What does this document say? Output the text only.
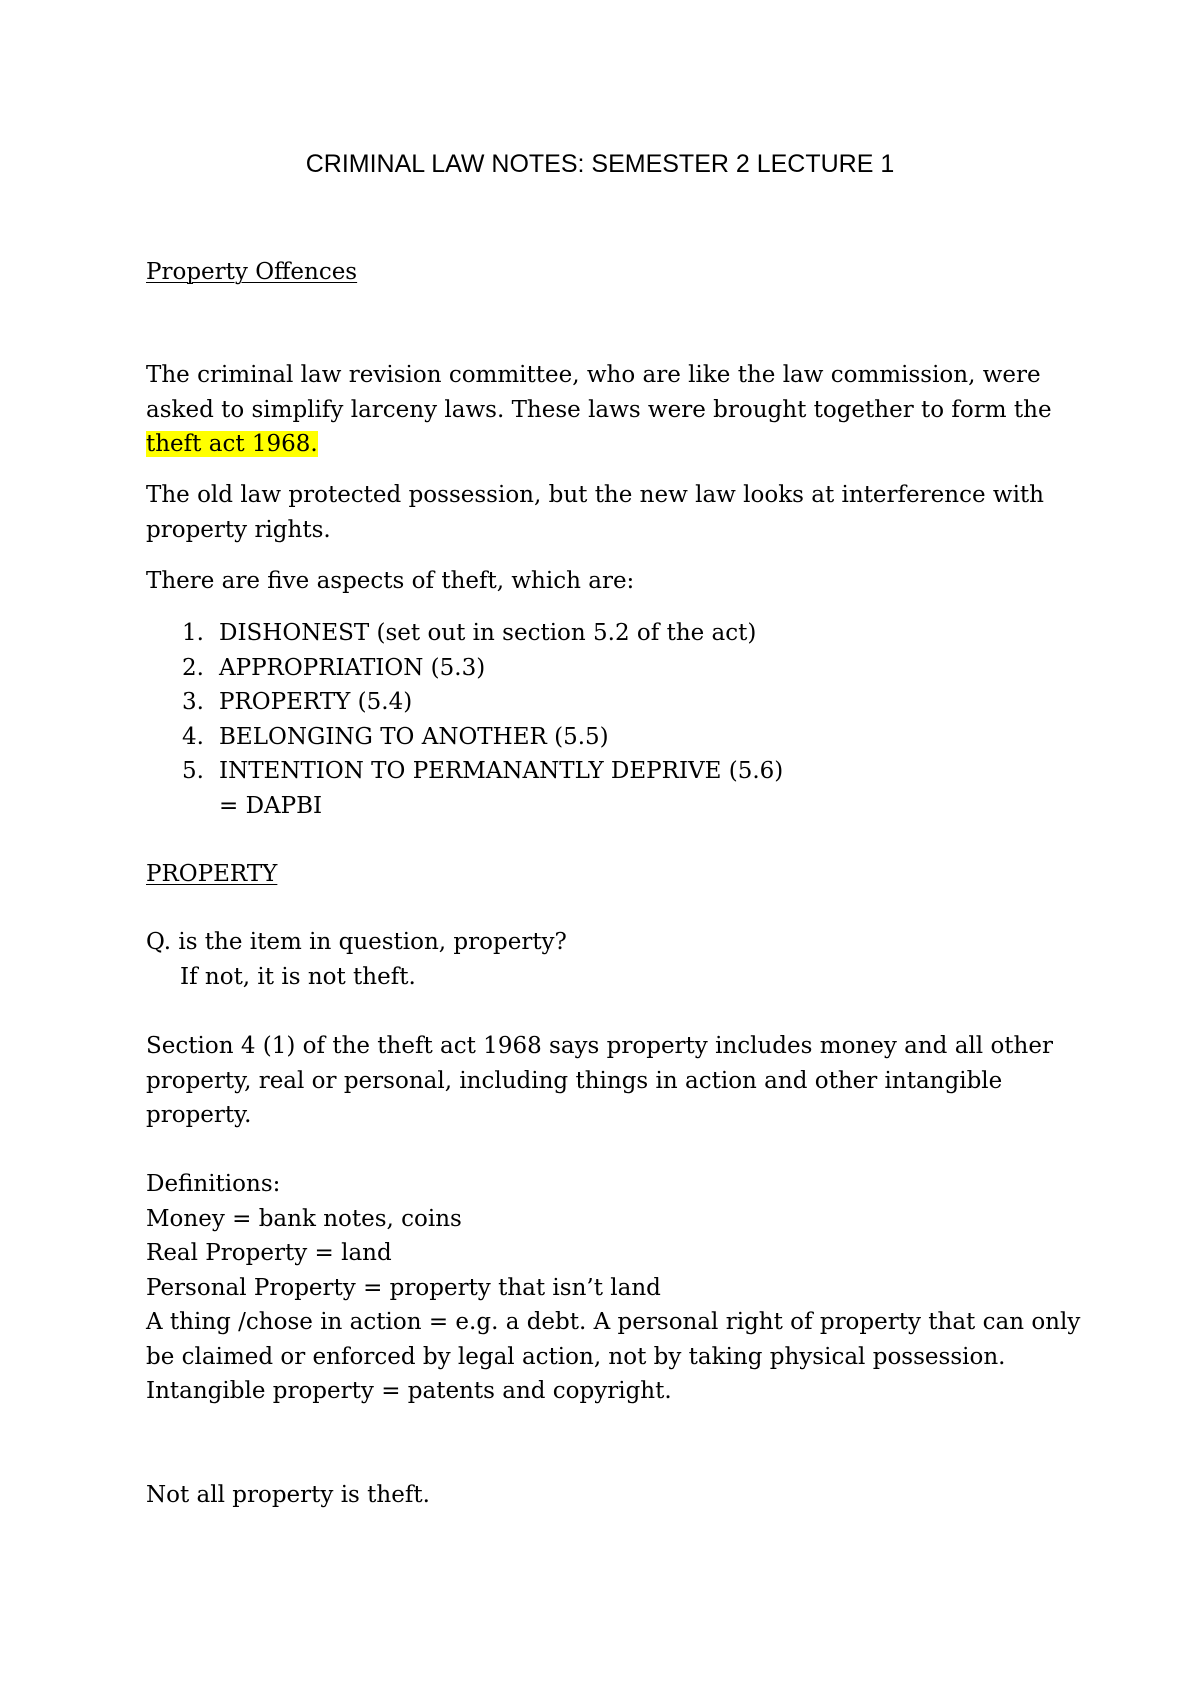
CRIMINAL LAW NOTES: SEMESTER 2 LECTURE 1
Property Offences

The criminal law revision committee, who are like the law commission, were asked to simplify larceny laws. These laws were brought together to form the theft act 1968.

The old law protected possession, but the new law looks at interference with property rights.

There are five aspects of theft, which are:

1. DISHONEST (set out in section 5.2 of the act)
2. APPROPRIATION (5.3)
3. PROPERTY (5.4)
4. BELONGING TO ANOTHER (5.5)
5. INTENTION TO PERMANANTLY DEPRIVE (5.6)
= DAPBI
PROPERTY
Q. is the item in question, property?
If not, it is not theft.

Section 4 (1) of the theft act 1968 says property includes money and all other property, real or personal, including things in action and other intangible property.

Definitions:
Money = bank notes, coins
Real Property = land
Personal Property = property that isn’t land
A thing /chose in action = e.g. a debt. A personal right of property that can only be claimed or enforced by legal action, not by taking physical possession.
Intangible property = patents and copyright.

Not all property is theft.
